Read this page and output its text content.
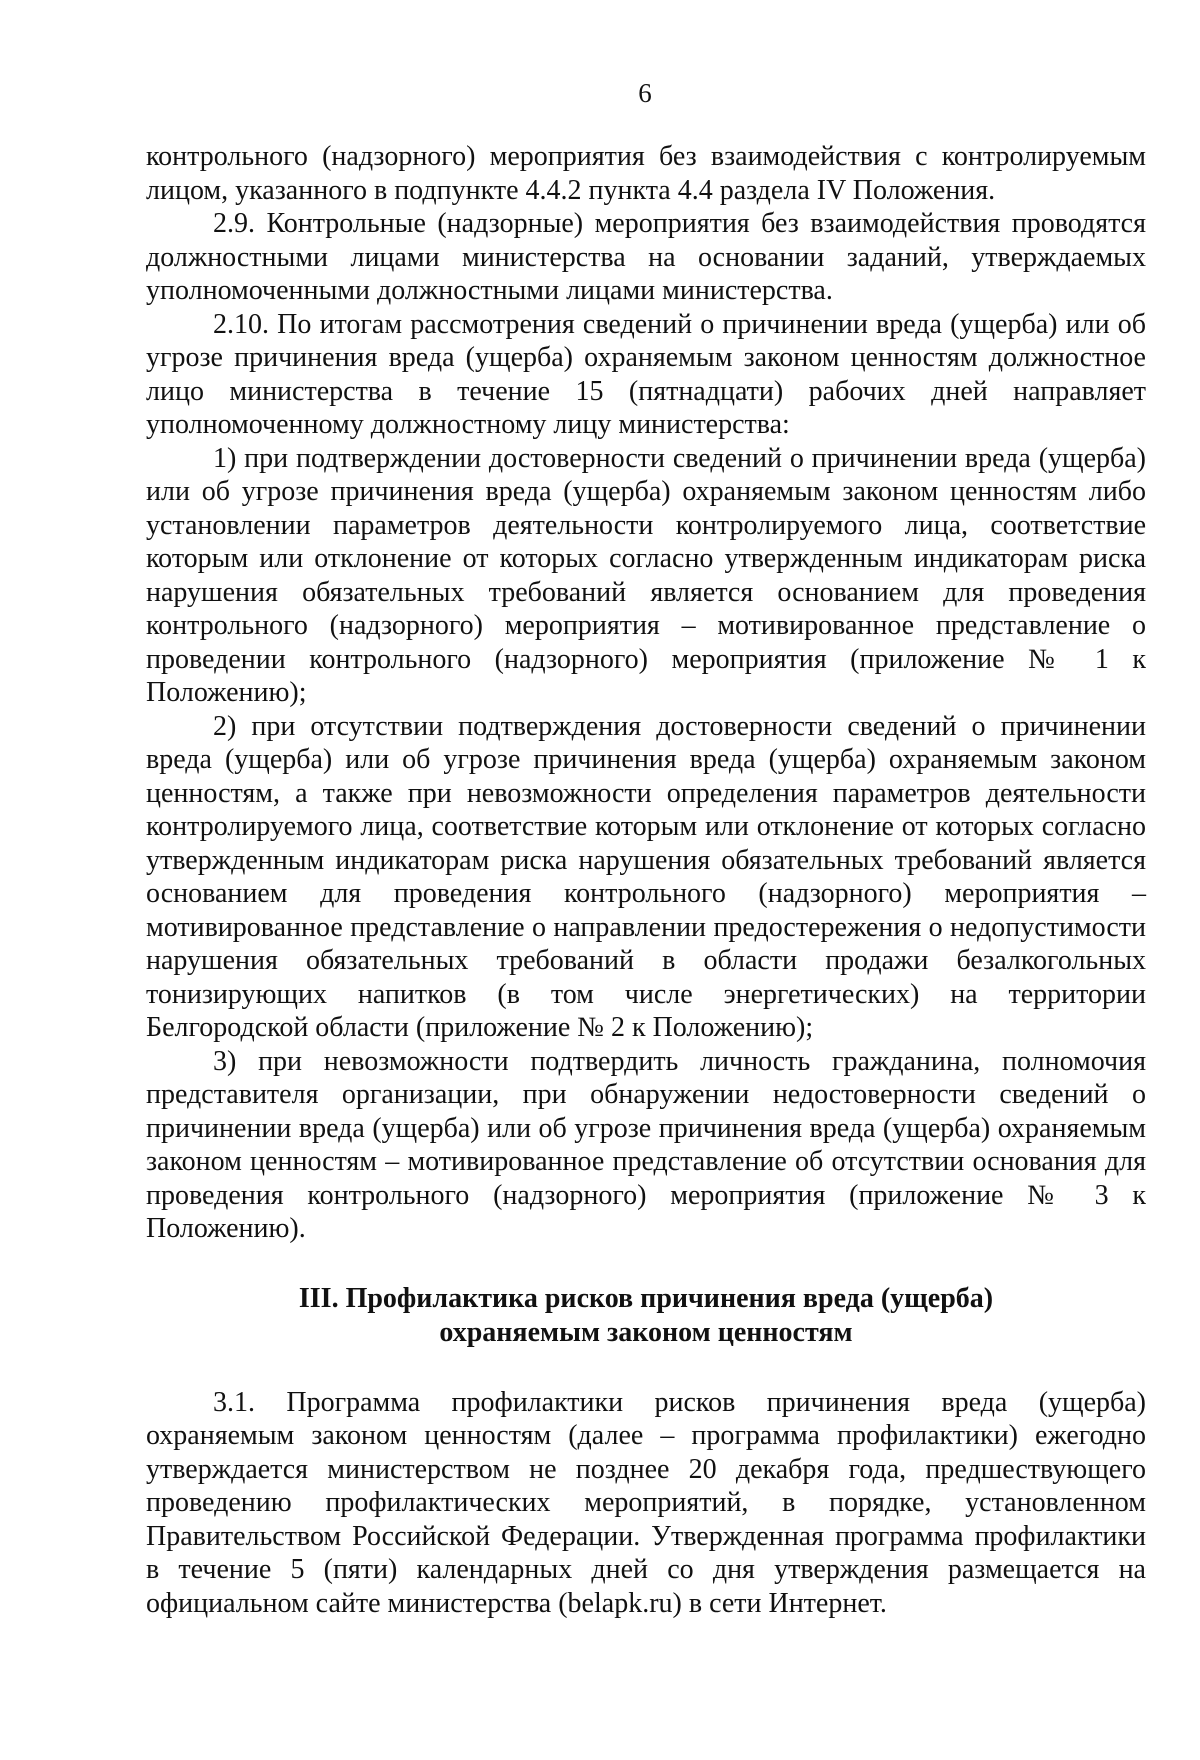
6

контрольного (надзорного) мероприятия без взаимодействия с контролируемым лицом, указанного в подпункте 4.4.2 пункта 4.4 раздела IV Положения.

2.9. Контрольные (надзорные) мероприятия без взаимодействия проводятся должностными лицами министерства на основании заданий, утверждаемых уполномоченными должностными лицами министерства.

2.10. По итогам рассмотрения сведений о причинении вреда (ущерба) или об угрозе причинения вреда (ущерба) охраняемым законом ценностям должностное лицо министерства в течение 15 (пятнадцати) рабочих дней направляет уполномоченному должностному лицу министерства:

1) при подтверждении достоверности сведений о причинении вреда (ущерба) или об угрозе причинения вреда (ущерба) охраняемым законом ценностям либо установлении параметров деятельности контролируемого лица, соответствие которым или отклонение от которых согласно утвержденным индикаторам риска нарушения обязательных требований является основанием для проведения контрольного (надзорного) мероприятия – мотивированное представление о проведении контрольного (надзорного) мероприятия (приложение № 1 к Положению);

2) при отсутствии подтверждения достоверности сведений о причинении вреда (ущерба) или об угрозе причинения вреда (ущерба) охраняемым законом ценностям, а также при невозможности определения параметров деятельности контролируемого лица, соответствие которым или отклонение от которых согласно утвержденным индикаторам риска нарушения обязательных требований является основанием для проведения контрольного (надзорного) мероприятия – мотивированное представление о направлении предостережения о недопустимости нарушения обязательных требований в области продажи безалкогольных тонизирующих напитков (в том числе энергетических) на территории Белгородской области (приложение № 2 к Положению);

3) при невозможности подтвердить личность гражданина, полномочия представителя организации, при обнаружении недостоверности сведений о причинении вреда (ущерба) или об угрозе причинения вреда (ущерба) охраняемым законом ценностям – мотивированное представление об отсутствии основания для проведения контрольного (надзорного) мероприятия (приложение № 3 к Положению).

III. Профилактика рисков причинения вреда (ущерба)
охраняемым законом ценностям

3.1. Программа профилактики рисков причинения вреда (ущерба) охраняемым законом ценностям (далее – программа профилактики) ежегодно утверждается министерством не позднее 20 декабря года, предшествующего проведению профилактических мероприятий, в порядке, установленном Правительством Российской Федерации. Утвержденная программа профилактики в течение 5 (пяти) календарных дней со дня утверждения размещается на официальном сайте министерства (belapk.ru) в сети Интернет.
